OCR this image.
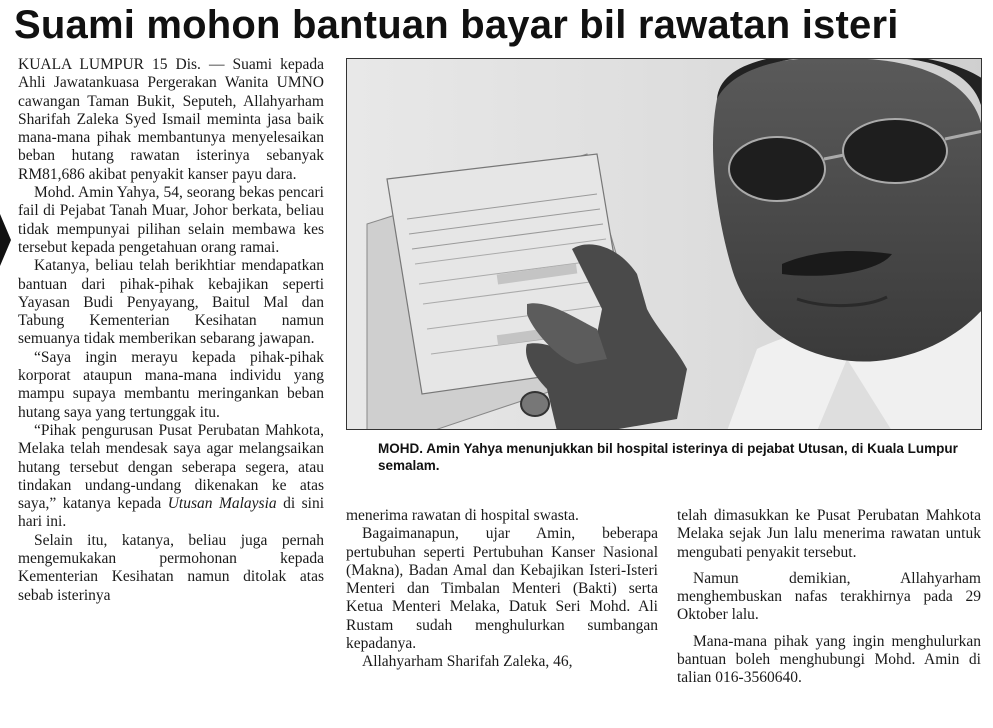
Suami mohon bantuan bayar bil rawatan isteri

KUALA LUMPUR 15 Dis. — Suami kepada Ahli Jawatankuasa Pergerakan Wanita UMNO cawangan Taman Bukit, Seputeh, Allahyarham Sharifah Zaleka Syed Ismail meminta jasa baik mana-mana pihak membantunya menyelesaikan beban hutang rawatan isterinya sebanyak RM81,686 akibat penyakit kanser payu dara.

Mohd. Amin Yahya, 54, seorang bekas pencari fail di Pejabat Tanah Muar, Johor berkata, beliau tidak mempunyai pilihan selain membawa kes tersebut kepada pengetahuan orang ramai.

Katanya, beliau telah berikhtiar mendapatkan bantuan dari pihak-pihak kebajikan seperti Yayasan Budi Penyayang, Baitul Mal dan Tabung Kementerian Kesihatan namun semuanya tidak memberikan sebarang jawapan.

“Saya ingin merayu kepada pihak-pihak korporat ataupun mana-mana individu yang mampu supaya membantu meringankan beban hutang saya yang tertunggak itu.

“Pihak pengurusan Pusat Perubatan Mahkota, Melaka telah mendesak saya agar melangsaikan hutang tersebut dengan seberapa segera, atau tindakan undang-undang dikenakan ke atas saya,” katanya kepada Utusan Malaysia di sini hari ini.

Selain itu, katanya, beliau juga pernah mengemukakan permohonan kepada Kementerian Kesihatan namun ditolak atas sebab isterinya

MOHD. Amin Yahya menunjukkan bil hospital isterinya di pejabat Utusan, di Kuala Lumpur semalam.

menerima rawatan di hospital swasta.

Bagaimanapun, ujar Amin, beberapa pertubuhan seperti Pertubuhan Kanser Nasional (Makna), Badan Amal dan Kebajikan Isteri-Isteri Menteri dan Timbalan Menteri (Bakti) serta Ketua Menteri Melaka, Datuk Seri Mohd. Ali Rustam sudah menghulurkan sumbangan kepadanya.

Allahyarham Sharifah Zaleka, 46,

telah dimasukkan ke Pusat Perubatan Mahkota Melaka sejak Jun lalu menerima rawatan untuk mengubati penyakit tersebut.

Namun demikian, Allahyarham menghembuskan nafas terakhirnya pada 29 Oktober lalu.

Mana-mana pihak yang ingin menghulurkan bantuan boleh menghubungi Mohd. Amin di talian 016-3560640.
